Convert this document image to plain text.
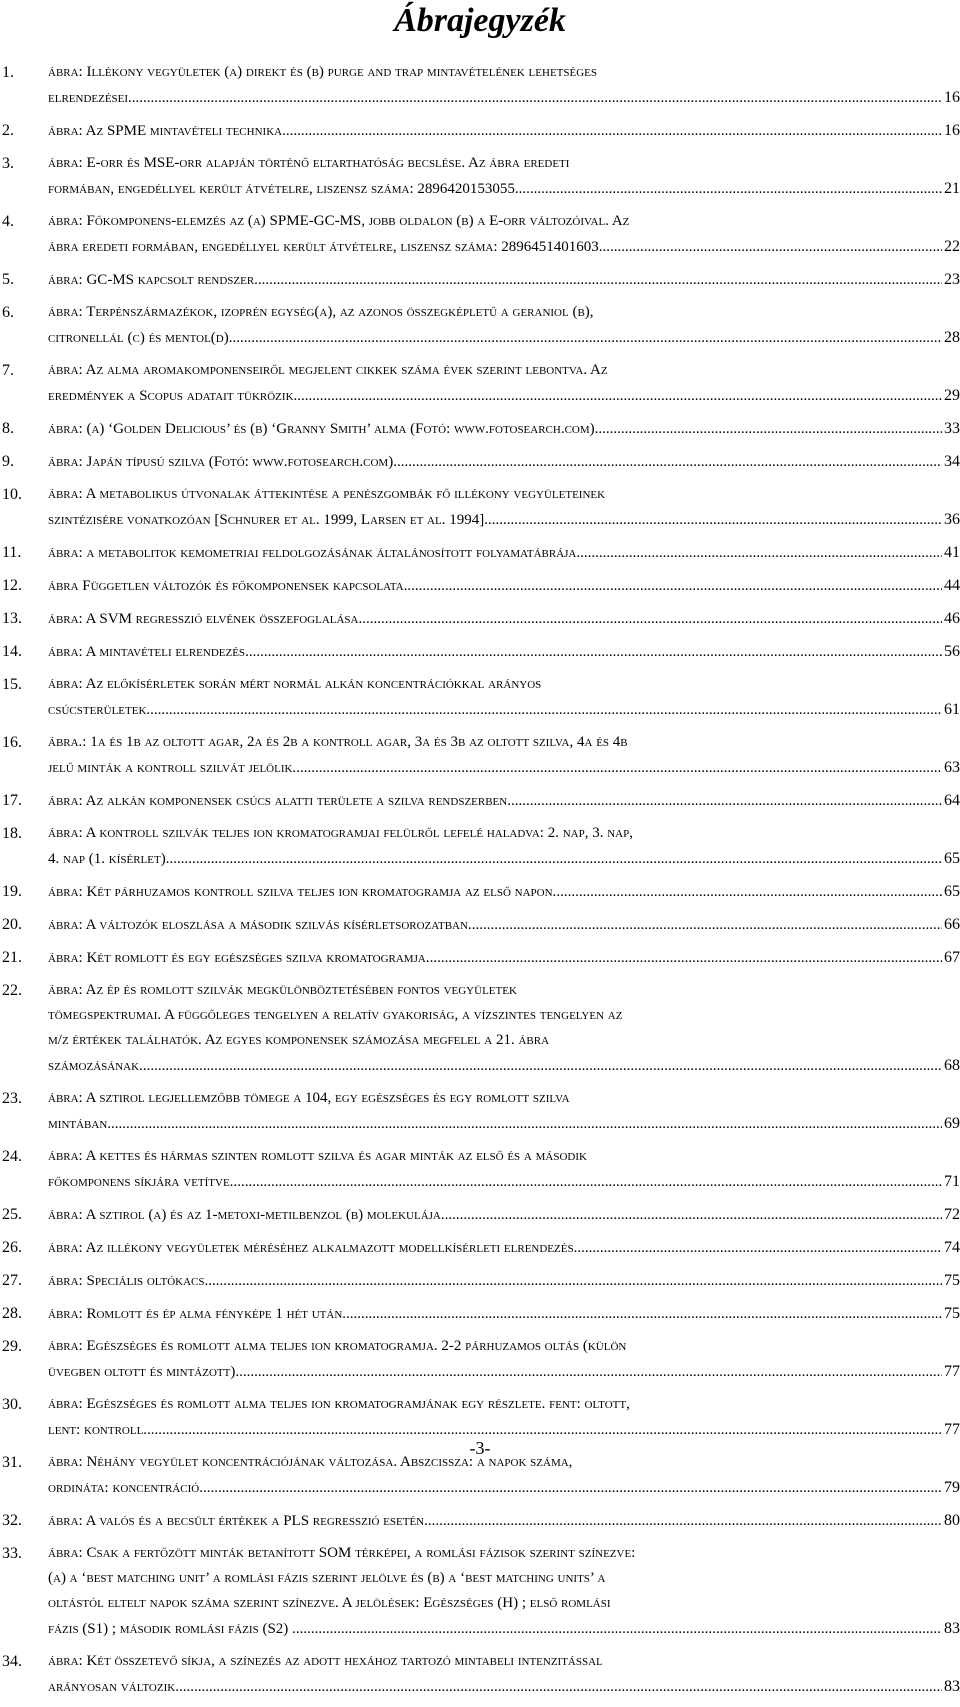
Ábrajegyzék
1.	ábra: Illékony vegyületek (a) direkt és (b) purge and trap mintavételének lehetséges
elrendezései. .....	16
2.	ábra: Az SPME mintavételi technika. .....	16
3.	ábra: E-orr és MSE-orr alapján történő eltarthatóság becslése. Az ábra eredeti
formában, engedéllyel került átvételre, liszensz száma: 2896420153055. .....	21
4.	ábra: Főkomponens-elemzés az (a) SPME-GC-MS, jobb oldalon (b) a E-orr változóival. Az
ábra eredeti formában, engedéllyel került átvételre, liszensz száma: 2896451401603 .....	22
5.	ábra: GC-MS kapcsolt rendszer. .....	23
6.	ábra: Terpénszármazékok, izoprén egység(a), az azonos összegképletű a geraniol (b),
citronellál (c) és mentol(d). .....	28
7.	ábra: Az alma aromakomponenseiről megjelent cikkek száma évek szerint lebontva. Az
eredmények a Scopus adatait tükrözik. .....	29
8.	ábra: (a) ‘Golden Delicious’ és (b) ‘Granny Smith’ alma (Fotó: www.fotosearch.com) .....	33
9.	ábra: Japán típusú szilva (Fotó: www.fotosearch.com) .....	34
10.	ábra: A metabolikus útvonalak áttekintése a penészgombák fő illékony vegyületeinek
szintézisére vonatkozóan [Schnurer et al. 1999, Larsen et al. 1994]. .....	36
11.	ábra: a metabolitok kemometriai feldolgozásának általánosított folyamatábrája .....	41
12.	ábra Független változók és főkomponensek kapcsolata .....	44
13.	ábra: A SVM regresszió elvének összefoglalása. .....	46
14.	ábra: A mintavételi elrendezés .....	56
15.	ábra: Az előkísérletek során mért normál alkán koncentrációkkal arányos
csúcsterületek. .....	61
16.	ábra.: 1a és 1b az oltott agar, 2a és 2b a kontroll agar, 3a és 3b az oltott szilva, 4a és 4b
jelű minták a kontroll szilvát jelölik. .....	63
17.	ábra: Az alkán komponensek csúcs alatti területe a szilva rendszerben. .....	64
18.	ábra: A kontroll szilvák teljes ion kromatogramjai felülről lefelé haladva: 2. nap, 3. nap,
4. nap (1. kísérlet). .....	65
19.	ábra: Két párhuzamos kontroll szilva teljes ion kromatogramja az első napon. .....	65
20.	ábra: A változók eloszlása a második szilvás kísérletsorozatban. .....	66
21.	ábra: Két romlott és egy egészséges szilva kromatogramja. .....	67
22.	ábra: Az ép és romlott szilvák megkülönböztetésében fontos vegyületek
tömegspektrumai. A függőleges tengelyen a relatív gyakoriság, a vízszintes tengelyen az
m/z értékek találhatók. Az egyes komponensek számozása megfelel a 21. ábra
számozásának. .....	68
23.	ábra: A sztirol legjellemzőbb tömege a 104, egy egészséges és egy romlott szilva
mintában. .....	69
24.	ábra: A kettes és hármas szinten romlott szilva és agar minták az első és a második
főkomponens síkjára vetítve. .....	71
25.	ábra: A sztirol (a) és az 1-metoxi-metilbenzol (b) molekulája. .....	72
26.	ábra: Az illékony vegyületek méréséhez alkalmazott modellkísérleti elrendezés. .....	74
27.	ábra: Speciális oltókacs. .....	75
28.	ábra: Romlott és ép alma fényképe 1 hét után. .....	75
29.	ábra: Egészséges és romlott alma teljes ion kromatogramja. 2-2 párhuzamos oltás (külön
üvegben oltott és mintázott). .....	77
30.	ábra: Egészséges és romlott alma teljes ion kromatogramjának egy részlete. fent: oltott,
lent: kontroll. .....	77
31.	ábra: Néhány vegyület koncentrációjának változása. Abszcissza: a napok száma,
ordináta: koncentráció. .....	79
32.	ábra: A valós és a becsült értékek a PLS regresszió esetén. .....	80
33.	ábra: Csak a fertőzött minták betanított SOM térképei, a romlási fázisok szerint színezve:
(a) a ‘best matching unit’ a romlási fázis szerint jelölve és (b) a ‘best matching units’ a
oltástól eltelt napok száma szerint színezve. A jelölések: Egészséges (H) ; első romlási
fázis (S1) ; második romlási fázis (S2) . .....	83
34.	ábra: Két összetevő síkja, a színezés az adott hexához tartozó mintabeli intenzitással
arányosan változik. .....	83
-3-
